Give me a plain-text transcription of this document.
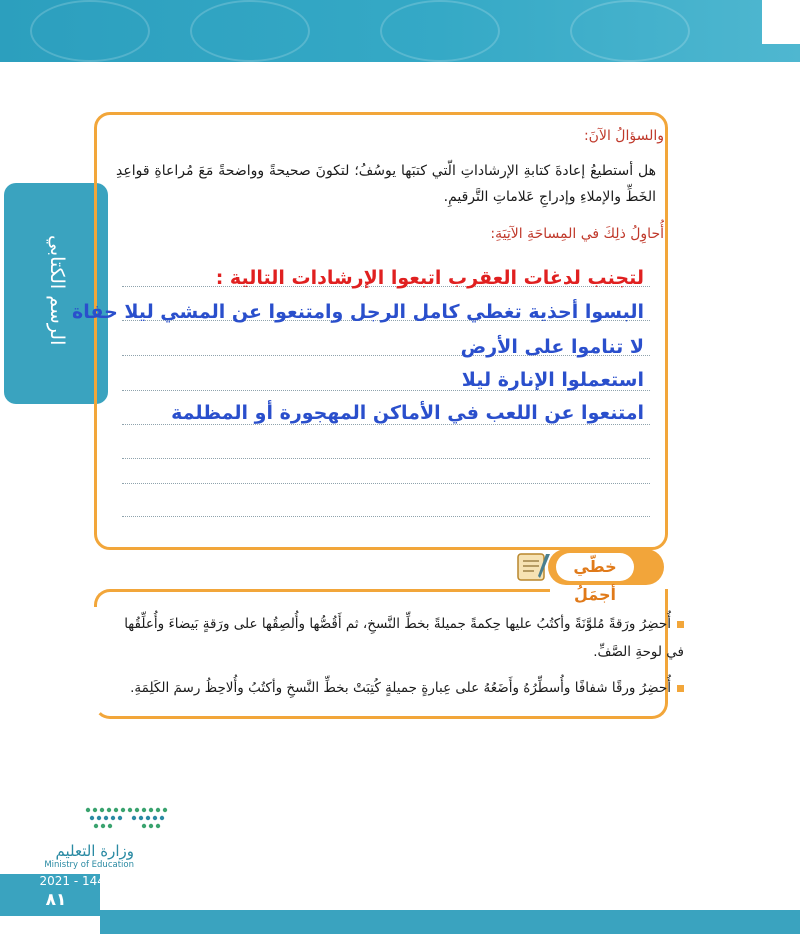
الرسم الكتابي
والسؤالُ الآنَ:
هل أستطيعُ إعادةَ كتابةِ الإرشاداتِ الّتي كتبَها يوسُفُ؛ لتكونَ صحيحةً وواضحةً مَعَ مُراعاةِ قواعِدِ الخَطِّ والإملاءِ وإدراجِ عَلاماتِ التَّرقيمِ.
أُحاوِلُ ذلِكَ في المِساحَةِ الآتِيَةِ:
لتجنب لدغات العقرب اتبعوا الإرشادات التالية :
البسوا أحذية تغطي كامل الرجل وامتنعوا عن المشي ليلا حفاة
لا تناموا على الأرض
استعملوا الإنارة ليلا
امتنعوا عن اللعب في الأماكن المهجورة أو المظلمة
خطّي أجمَلُ
أُحضِرُ ورَقةً مُلوَّنَةً وأكتُبُ عليها حِكمةً جميلةً بخطِّ النَّسخِ، ثم أَقُصُّها وأُلصِقُها على ورَقةٍ بَيضاءَ وأُعلِّقُها في لوحةِ الصَّفِّ.
أُحضِرُ ورقًا شفافًا وأُسطِّرُهُ وأَضَعُهُ على عِبارةٍ جميلةٍ كُتِبَتْ بخطِّ النَّسخِ وأكتُبُ وأُلاحِظُ رسمَ الكَلِمَةِ.
وزارة التعليم
Ministry of Education
2021 - 1443
٨١
